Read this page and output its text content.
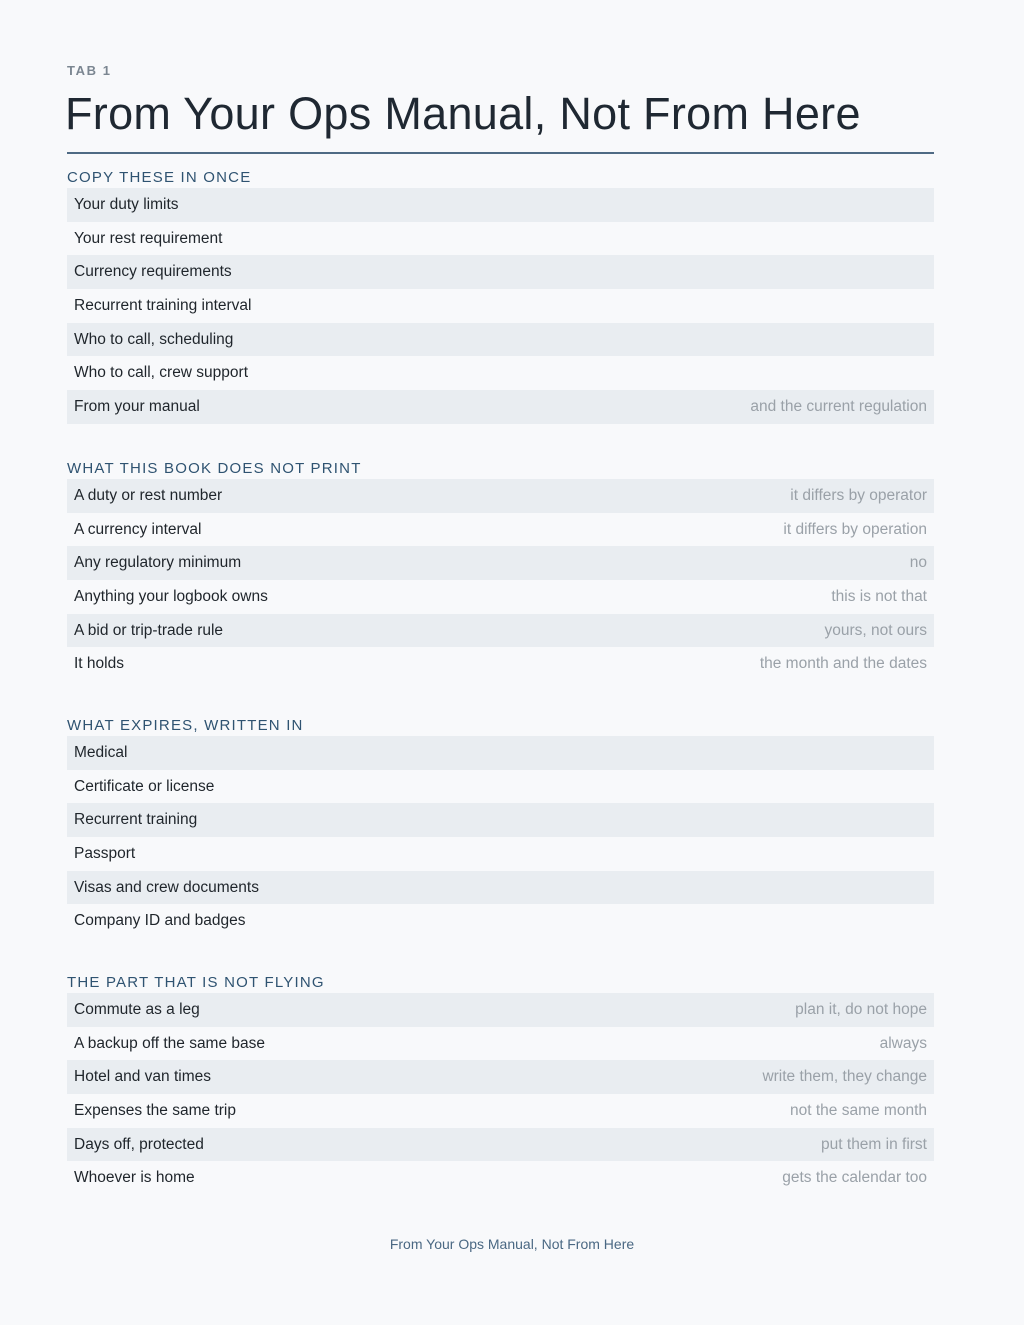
TAB 1
From Your Ops Manual, Not From Here
COPY THESE IN ONCE
Your duty limits
Your rest requirement
Currency requirements
Recurrent training interval
Who to call, scheduling
Who to call, crew support
From your manual	and the current regulation
WHAT THIS BOOK DOES NOT PRINT
A duty or rest number	it differs by operator
A currency interval	it differs by operation
Any regulatory minimum	no
Anything your logbook owns	this is not that
A bid or trip-trade rule	yours, not ours
It holds	the month and the dates
WHAT EXPIRES, WRITTEN IN
Medical
Certificate or license
Recurrent training
Passport
Visas and crew documents
Company ID and badges
THE PART THAT IS NOT FLYING
Commute as a leg	plan it, do not hope
A backup off the same base	always
Hotel and van times	write them, they change
Expenses the same trip	not the same month
Days off, protected	put them in first
Whoever is home	gets the calendar too
From Your Ops Manual, Not From Here
